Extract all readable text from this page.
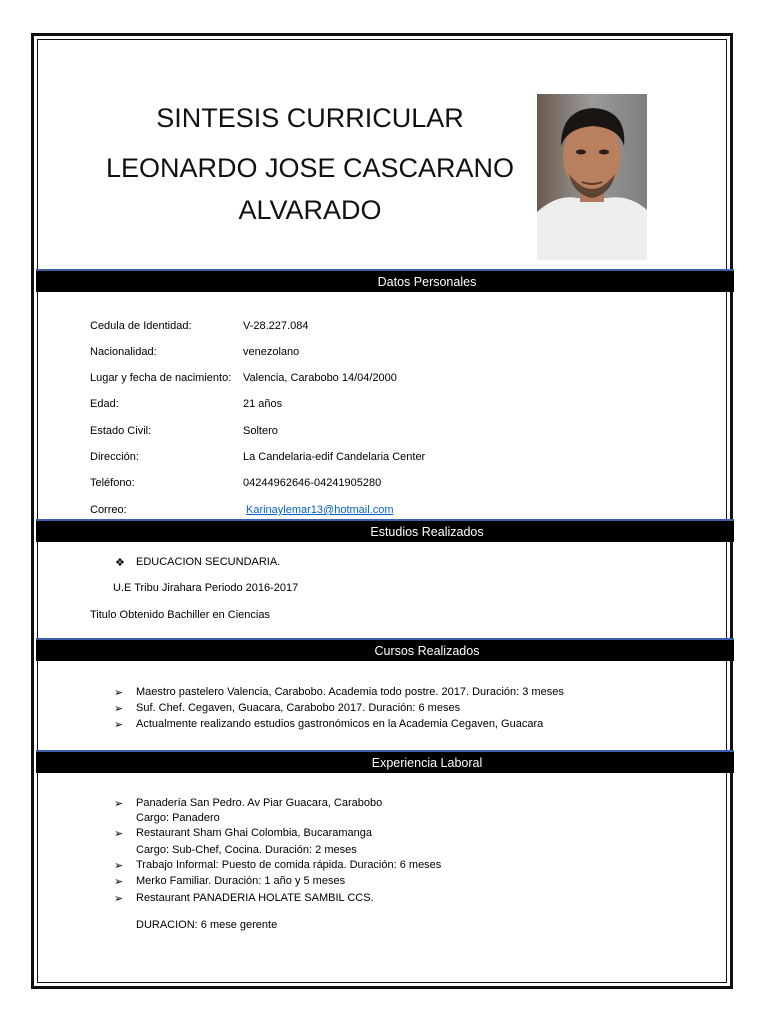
SINTESIS CURRICULAR
LEONARDO JOSE CASCARANO
ALVARADO
Datos Personales
Cedula de Identidad:	V-28.227.084
Nacionalidad:	venezolano
Lugar y fecha de nacimiento: Valencia, Carabobo 14/04/2000
Edad:	21 años
Estado Civil:	Soltero
Dirección:	La Candelaria-edif Candelaria Center
Teléfono:	04244962646-04241905280
Correo:	Karinaylemar13@hotmail.com
Estudios Realizados
❖ EDUCACION SECUNDARIA.
U.E Tribu Jirahara Periodo 2016-2017
Titulo Obtenido Bachiller en Ciencias
Cursos Realizados
➢ Maestro pastelero Valencia, Carabobo. Academia todo postre. 2017. Duración: 3 meses
➢ Suf. Chef. Cegaven, Guacara, Carabobo 2017. Duración: 6 meses
➢ Actualmente realizando estudios gastronómicos en la Academia Cegaven, Guacara
Experiencia Laboral
➢ Panadería San Pedro. Av Piar Guacara, Carabobo
Cargo: Panadero
➢ Restaurant Sham Ghai Colombia, Bucaramanga
Cargo: Sub-Chef, Cocina. Duración: 2 meses
➢ Trabajo Informal: Puesto de comida rápida. Duración: 6 meses
➢ Merko Familiar. Duración: 1 año y 5 meses
➢ Restaurant PANADERIA HOLATE SAMBIL CCS.
DURACION: 6 mese gerente
